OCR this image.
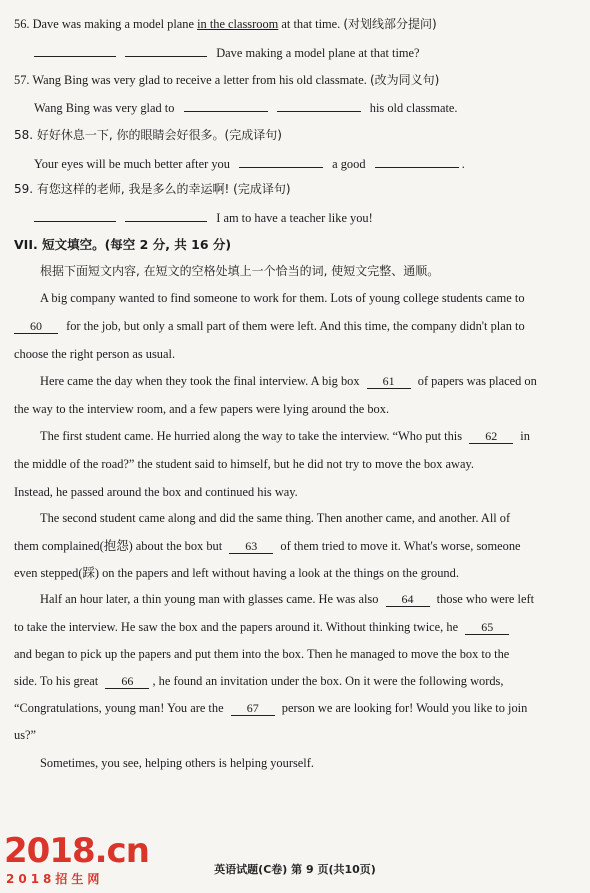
56. Dave was making a model plane in the classroom at that time. (对划线部分提问)
Dave making a model plane at that time?
57. Wang Bing was very glad to receive a letter from his old classmate. (改为同义句)
Wang Bing was very glad to	his old classmate.
58. 好好休息一下, 你的眼睛会好很多。(完成译句)
Your eyes will be much better after you	a good	.
59. 有您这样的老师, 我是多么的幸运啊! (完成译句)
I am to have a teacher like you!
VII. 短文填空。(每空 2 分, 共 16 分)
根据下面短文内容, 在短文的空格处填上一个恰当的词, 使短文完整、通顺。
A big company wanted to find someone to work for them. Lots of young college students came to
60 for the job, but only a small part of them were left. And this time, the company didn't plan to
choose the right person as usual.
Here came the day when they took the final interview. A big box 61 of papers was placed on
the way to the interview room, and a few papers were lying around the box.
The first student came. He hurried along the way to take the interview. “Who put this 62 in
the middle of the road?” the student said to himself, but he did not try to move the box away.
Instead, he passed around the box and continued his way.
The second student came along and did the same thing. Then another came, and another. All of
them complained(抱怨) about the box but 63 of them tried to move it. What's worse, someone
even stepped(踩) on the papers and left without having a look at the things on the ground.
Half an hour later, a thin young man with glasses came. He was also 64 those who were left
to take the interview. He saw the box and the papers around it. Without thinking twice, he 65
and began to pick up the papers and put them into the box. Then he managed to move the box to the
side. To his great 66 , he found an invitation under the box. On it were the following words,
“Congratulations, young man! You are the 67 person we are looking for! Would you like to join
us?”
Sometimes, you see, helping others is helping yourself.
英语试题(C卷) 第 9 页(共10页)
2018.cn
2018招生网
